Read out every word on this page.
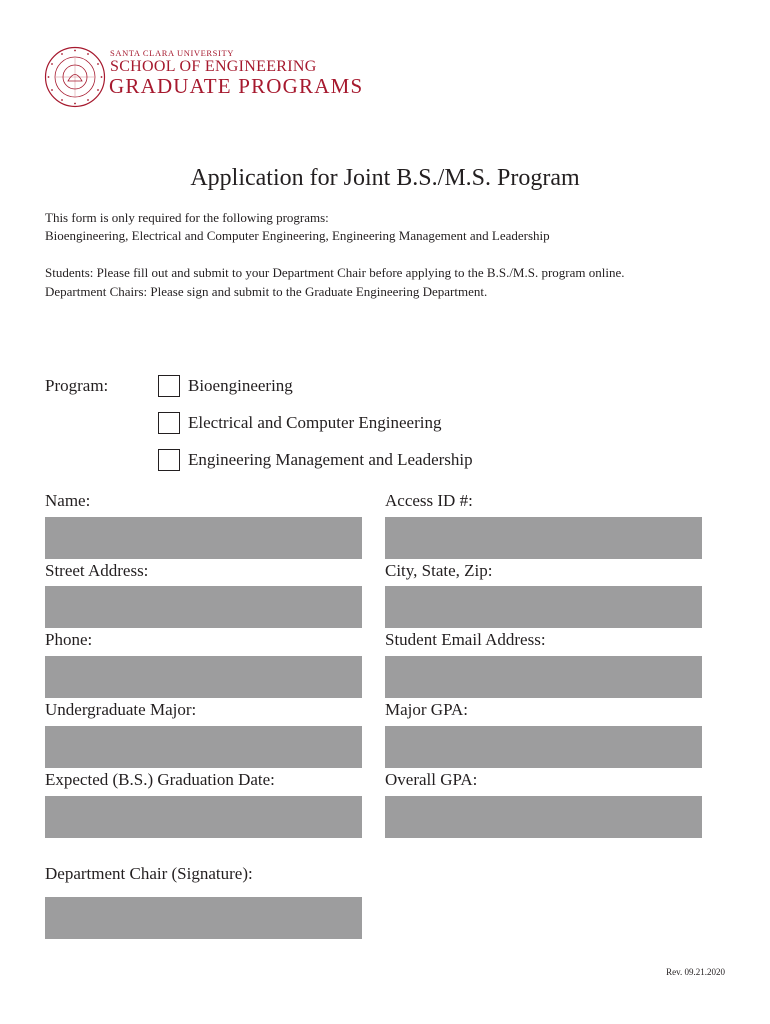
SANTA CLARA UNIVERSITY
SCHOOL OF ENGINEERING
GRADUATE PROGRAMS
Application for Joint B.S./M.S. Program
This form is only required for the following programs:
Bioengineering, Electrical and Computer Engineering, Engineering Management and Leadership
Students: Please fill out and submit to your Department Chair before applying to the B.S./M.S. program online.
Department Chairs: Please sign and submit to the Graduate Engineering Department.
Program:	Bioengineering
Electrical and Computer Engineering
Engineering Management and Leadership
Name:	Access ID #:
Street Address:	City, State, Zip:
Phone:	Student Email Address:
Undergraduate Major:	Major GPA:
Expected (B.S.) Graduation Date:	Overall GPA:
Department Chair (Signature):
Rev. 09.21.2020
